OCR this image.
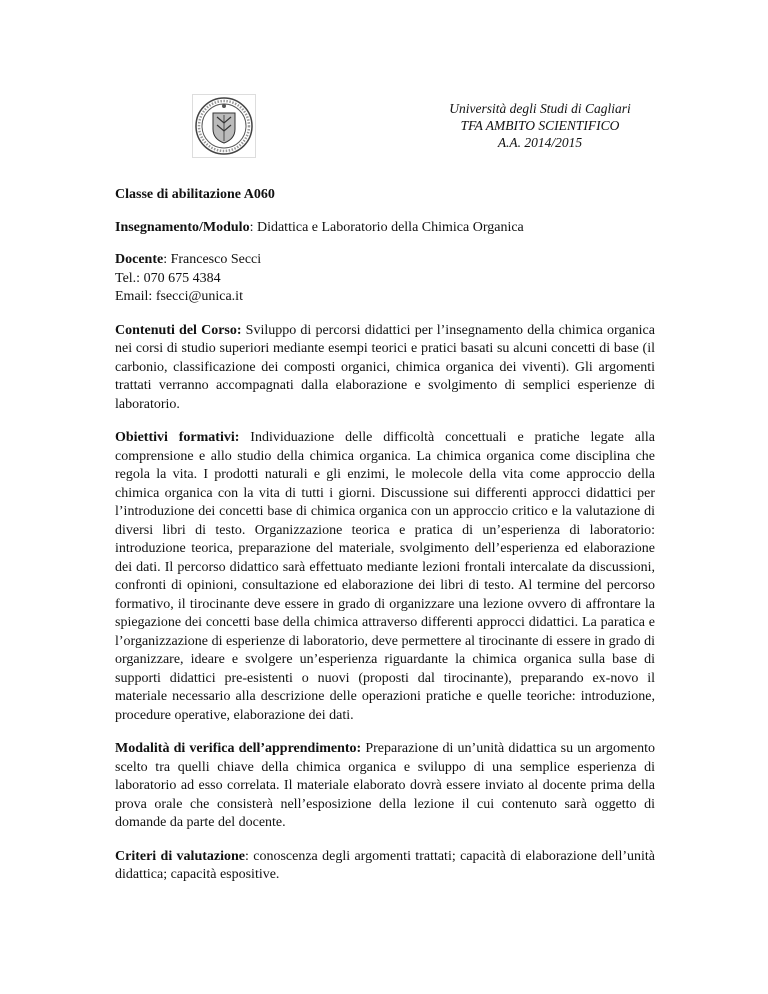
Università degli Studi di Cagliari
TFA AMBITO SCIENTIFICO
A.A. 2014/2015

Classe di abilitazione A060

Insegnamento/Modulo: Didattica e Laboratorio della Chimica Organica

Docente: Francesco Secci

Tel.: 070 675 4384

Email: fsecci@unica.it

Contenuti del Corso: Sviluppo di percorsi didattici per l’insegnamento della chimica organica nei corsi di studio superiori mediante esempi teorici e pratici basati su alcuni concetti di base (il carbonio, classificazione dei composti organici, chimica organica dei viventi). Gli argomenti trattati verranno accompagnati dalla elaborazione e svolgimento di semplici esperienze di laboratorio.

Obiettivi formativi: Individuazione delle difficoltà concettuali e pratiche legate alla comprensione e allo studio della chimica organica. La chimica organica come disciplina che regola la vita. I prodotti naturali e gli enzimi, le molecole della vita come approccio della chimica organica con la vita di tutti i giorni. Discussione sui differenti approcci didattici per l’introduzione dei concetti base di chimica organica con un approccio critico e la valutazione di diversi libri di testo. Organizzazione teorica e pratica di un’esperienza di laboratorio: introduzione teorica, preparazione del materiale, svolgimento dell’esperienza ed elaborazione dei dati. Il percorso didattico sarà effettuato mediante lezioni frontali intercalate da discussioni, confronti di opinioni, consultazione ed elaborazione dei libri di testo. Al termine del percorso formativo, il tirocinante deve essere in grado di organizzare una lezione ovvero di affrontare la spiegazione dei concetti base della chimica attraverso differenti approcci didattici. La paratica e l’organizzazione di esperienze di laboratorio, deve permettere al tirocinante di essere in grado di organizzare, ideare e svolgere un’esperienza riguardante la chimica organica sulla base di supporti didattici pre-esistenti o nuovi (proposti dal tirocinante), preparando ex-novo il materiale necessario alla descrizione delle operazioni pratiche e quelle teoriche: introduzione, procedure operative, elaborazione dei dati.

Modalità di verifica dell’apprendimento: Preparazione di un’unità didattica su un argomento scelto tra quelli chiave della chimica organica e sviluppo di una semplice esperienza di laboratorio ad esso correlata. Il materiale elaborato dovrà essere inviato al docente prima della prova orale che consisterà nell’esposizione della lezione il cui contenuto sarà oggetto di domande da parte del docente.

Criteri di valutazione: conoscenza degli argomenti trattati; capacità di elaborazione dell’unità didattica; capacità espositive.
